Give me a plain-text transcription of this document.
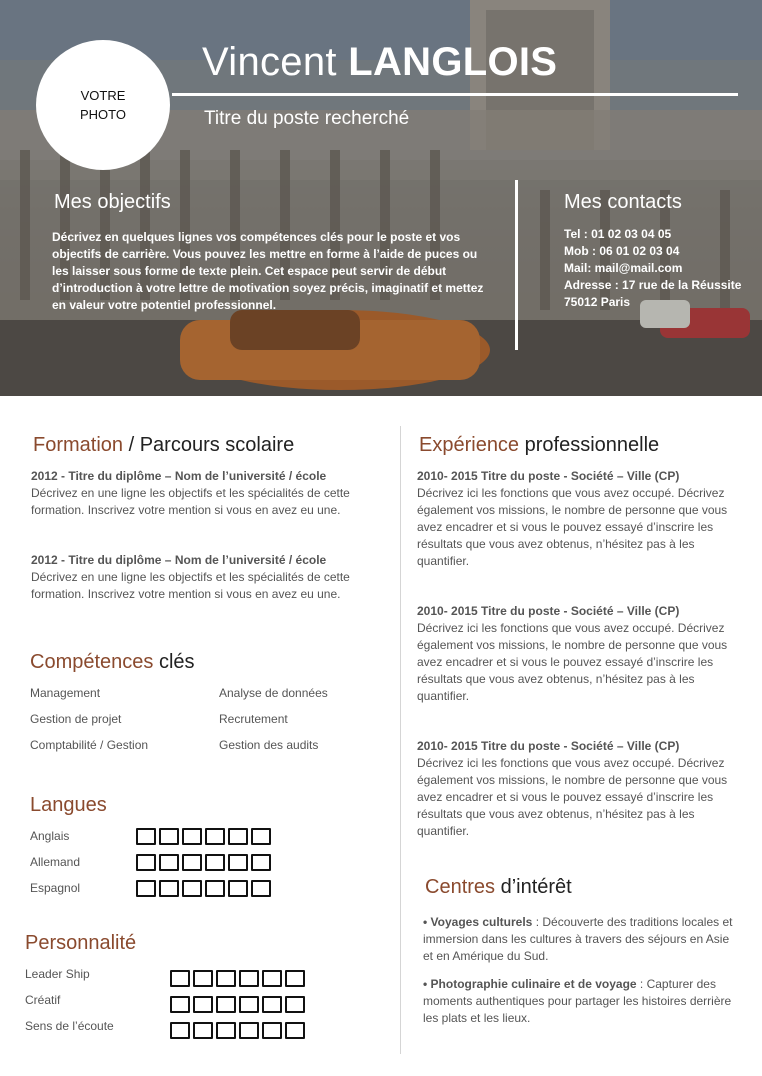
VOTRE
PHOTO
Vincent LANGLOIS
Titre du poste recherché
Mes objectifs
Décrivez en quelques lignes vos compétences clés pour le poste et vos objectifs de carrière. Vous pouvez les mettre en forme à l’aide de puces ou les laisser sous forme de texte plein. Cet espace peut servir de début d’introduction à votre lettre de motivation soyez précis, imaginatif et mettez en valeur votre potentiel professionnel.
Mes contacts
Tel : 01 02 03 04 05
Mob : 06 01 02 03 04
Mail: mail@mail.com
Adresse : 17 rue de la Réussite
75012 Paris
Formation / Parcours scolaire
2012 - Titre du diplôme – Nom de l’université / école
Décrivez en une ligne les objectifs et les spécialités de cette formation. Inscrivez votre mention si vous en avez eu une.
2012 - Titre du diplôme – Nom de l’université / école
Décrivez en une ligne les objectifs et les spécialités de cette formation. Inscrivez votre mention si vous en avez eu une.
Compétences clés
Management	Analyse de données
Gestion de projet	Recrutement
Comptabilité / Gestion	Gestion des audits
Langues
Anglais
Allemand
Espagnol
Personnalité
Leader Ship
Créatif
Sens de l’écoute
Expérience professionnelle
2010- 2015 Titre du poste - Société – Ville (CP)
Décrivez ici les fonctions que vous avez occupé. Décrivez également vos missions, le nombre de personne que vous avez encadrer et si vous le pouvez essayé d’inscrire les résultats que vous avez obtenus, n’hésitez pas à les quantifier.
2010- 2015 Titre du poste - Société – Ville (CP)
Décrivez ici les fonctions que vous avez occupé. Décrivez également vos missions, le nombre de personne que vous avez encadrer et si vous le pouvez essayé d’inscrire les résultats que vous avez obtenus, n’hésitez pas à les quantifier.
2010- 2015 Titre du poste - Société – Ville (CP)
Décrivez ici les fonctions que vous avez occupé. Décrivez également vos missions, le nombre de personne que vous avez encadrer et si vous le pouvez essayé d’inscrire les résultats que vous avez obtenus, n’hésitez pas à les quantifier.
Centres d’intérêt
• Voyages culturels : Découverte des traditions locales et immersion dans les cultures à travers des séjours en Asie et en Amérique du Sud.
• Photographie culinaire et de voyage : Capturer des moments authentiques pour partager les histoires derrière les plats et les lieux.
